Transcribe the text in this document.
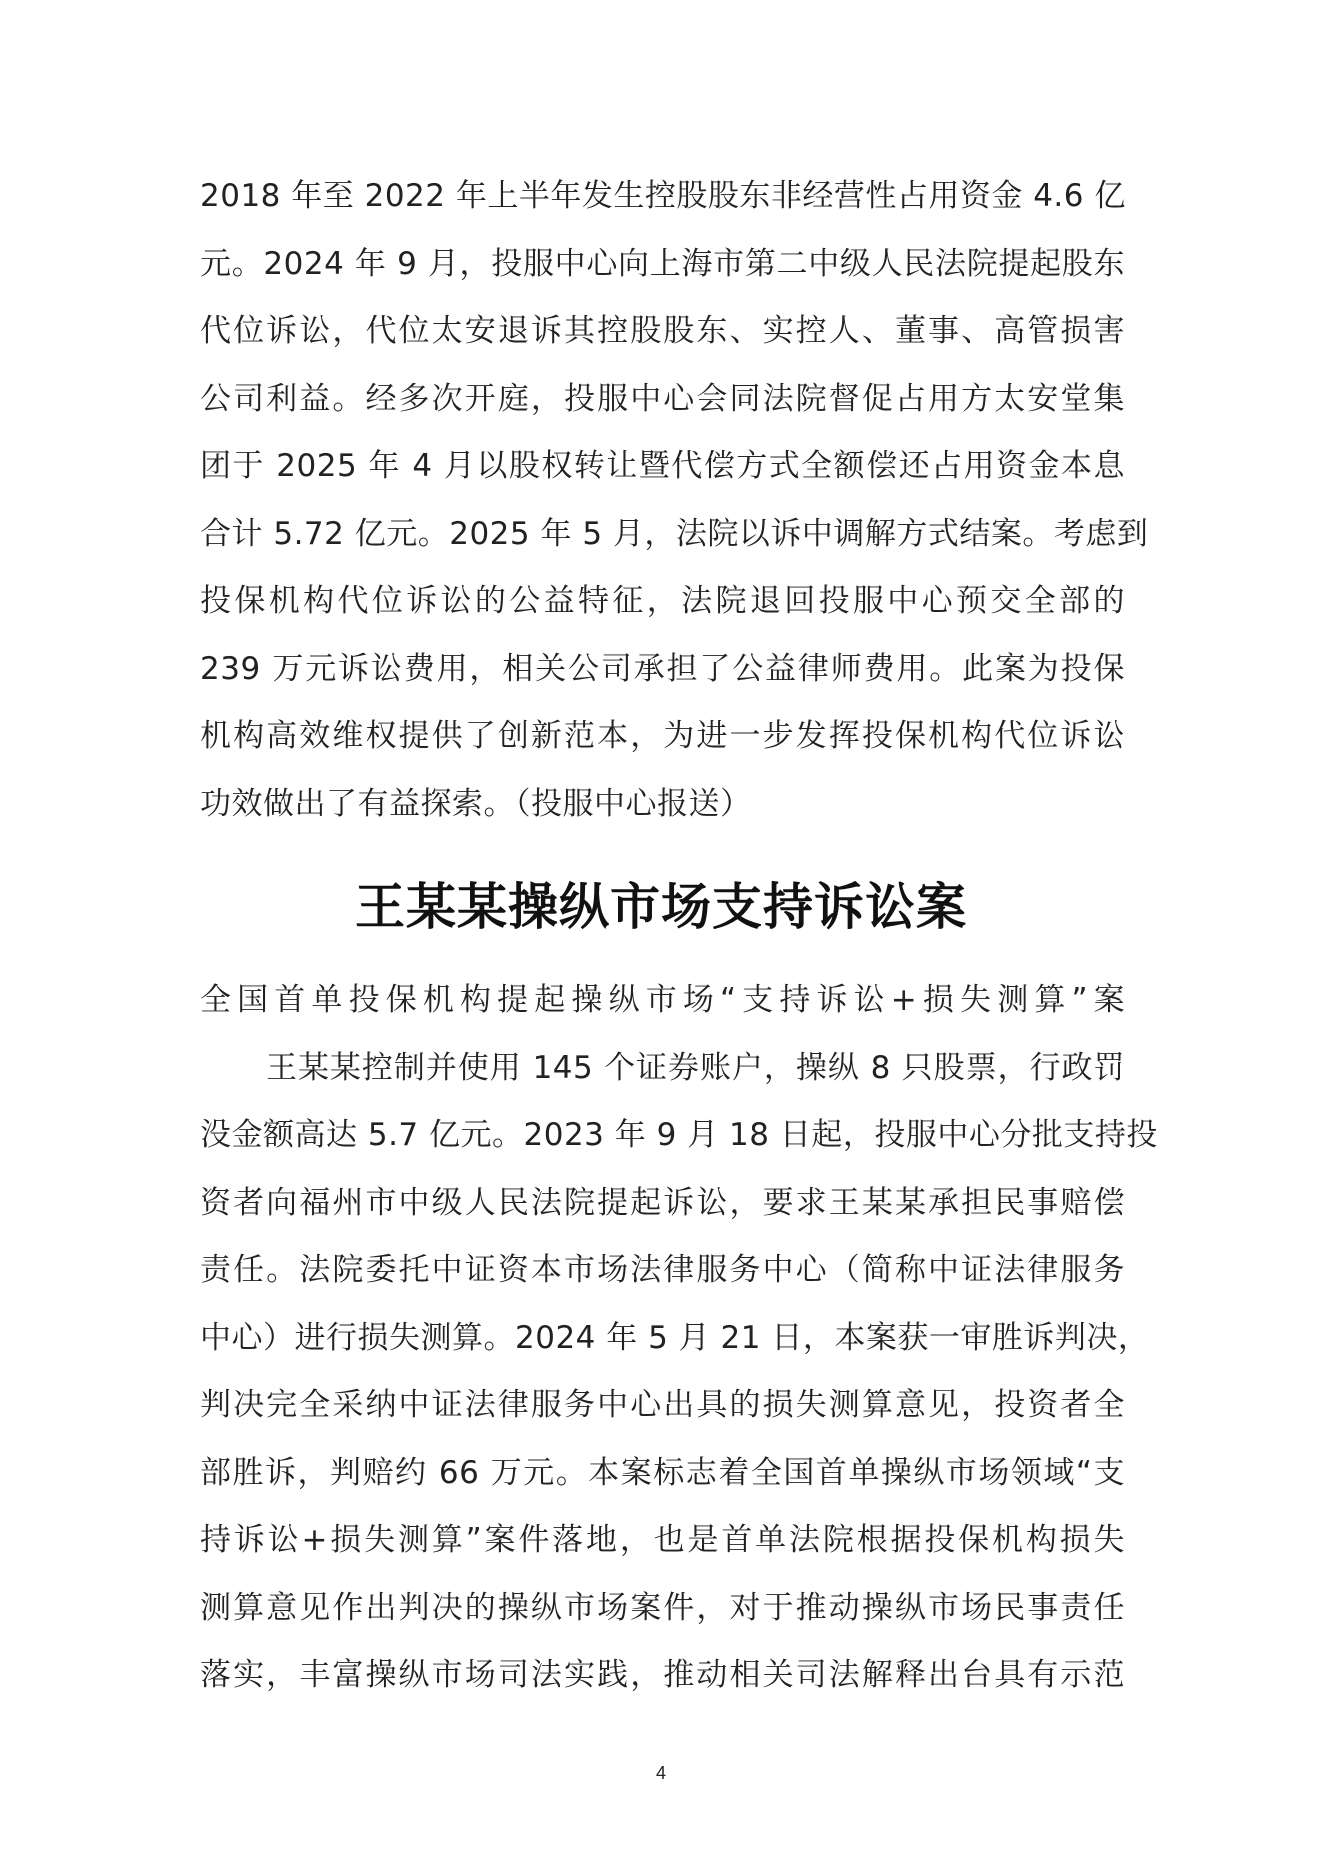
2018 年至 2022 年上半年发生控股股东非经营性占用资金 4.6 亿
元。2024 年 9 月，投服中心向上海市第二中级人民法院提起股东
代位诉讼，代位太安退诉其控股股东、实控人、董事、高管损害
公司利益。经多次开庭，投服中心会同法院督促占用方太安堂集
团于 2025 年 4 月以股权转让暨代偿方式全额偿还占用资金本息
合计 5.72 亿元。2025 年 5 月，法院以诉中调解方式结案。考虑到
投保机构代位诉讼的公益特征，法院退回投服中心预交全部的
239 万元诉讼费用，相关公司承担了公益律师费用。此案为投保
机构高效维权提供了创新范本，为进一步发挥投保机构代位诉讼
功效做出了有益探索。（投服中心报送）
王某某操纵市场支持诉讼案
全国首单投保机构提起操纵市场“支持诉讼+损失测算”案
王某某控制并使用 145 个证券账户，操纵 8 只股票，行政罚
没金额高达 5.7 亿元。2023 年 9 月 18 日起，投服中心分批支持投
资者向福州市中级人民法院提起诉讼，要求王某某承担民事赔偿
责任。法院委托中证资本市场法律服务中心（简称中证法律服务
中心）进行损失测算。2024 年 5 月 21 日，本案获一审胜诉判决，
判决完全采纳中证法律服务中心出具的损失测算意见，投资者全
部胜诉，判赔约 66 万元。本案标志着全国首单操纵市场领域“支
持诉讼+损失测算”案件落地，也是首单法院根据投保机构损失
测算意见作出判决的操纵市场案件，对于推动操纵市场民事责任
落实，丰富操纵市场司法实践，推动相关司法解释出台具有示范
4
